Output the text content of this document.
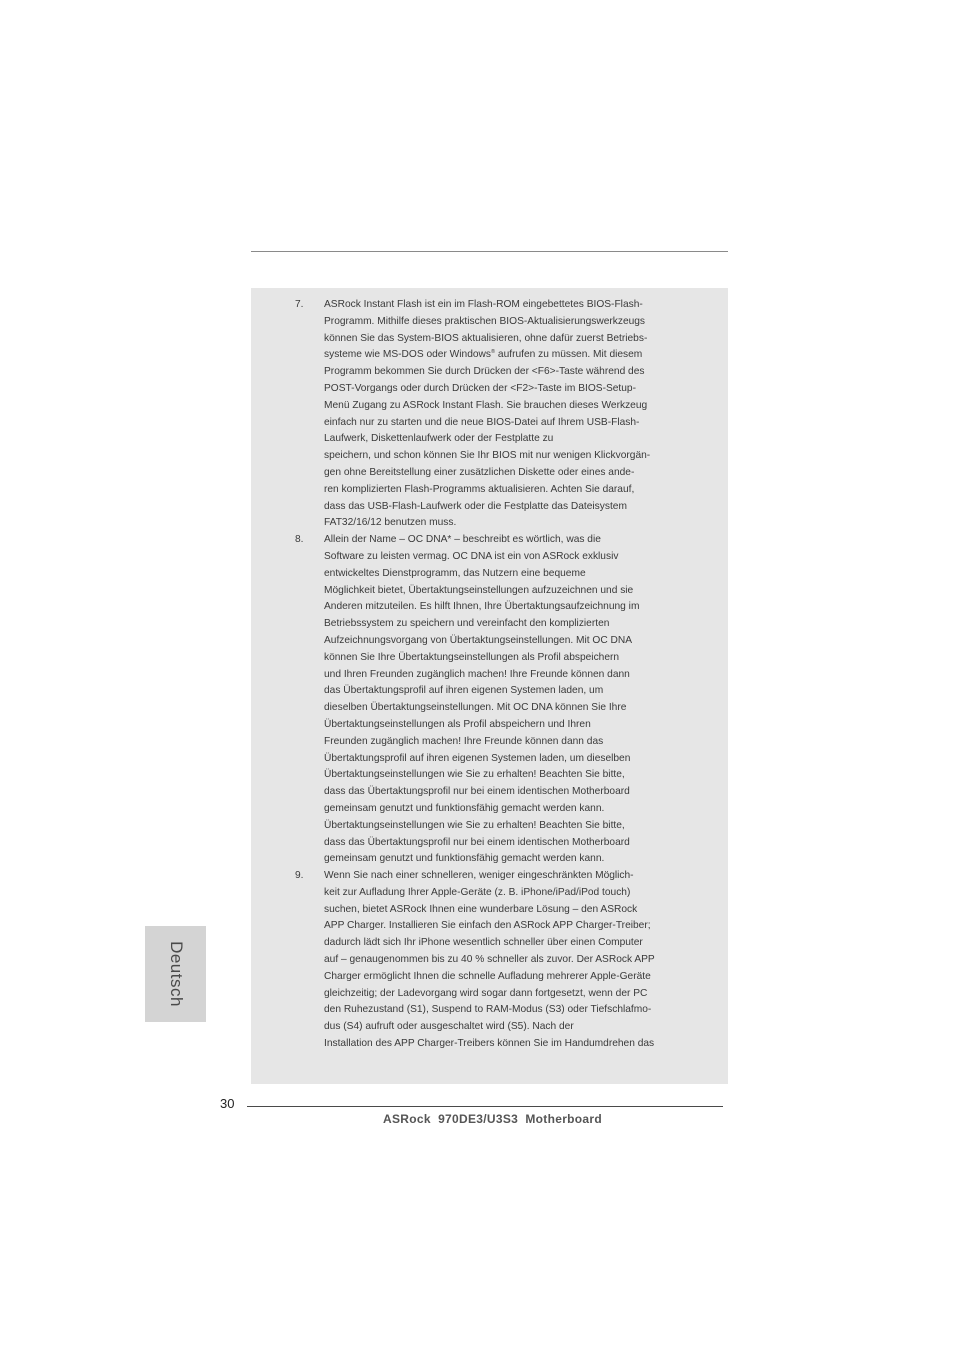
7.	ASRock Instant Flash ist ein im Flash-ROM eingebettetes BIOS-Flash-
Programm. Mithilfe dieses praktischen BIOS-Aktualisierungswerkzeugs
können Sie das System-BIOS aktualisieren, ohne dafür zuerst Betriebs-
systeme wie MS-DOS oder Windows® aufrufen zu müssen. Mit diesem
Programm bekommen Sie durch Drücken der <F6>-Taste während des
POST-Vorgangs oder durch Drücken der <F2>-Taste im BIOS-Setup-
Menü Zugang zu ASRock Instant Flash. Sie brauchen dieses Werkzeug
einfach nur zu starten und die neue BIOS-Datei auf Ihrem USB-Flash-
Laufwerk, Diskettenlaufwerk oder der Festplatte zu
speichern, und schon können Sie Ihr BIOS mit nur wenigen Klickvorgän-
gen ohne Bereitstellung einer zusätzlichen Diskette oder eines ande-
ren komplizierten Flash-Programms aktualisieren. Achten Sie darauf,
dass das USB-Flash-Laufwerk oder die Festplatte das Dateisystem
FAT32/16/12 benutzen muss.
8.	Allein der Name – OC DNA* – beschreibt es wörtlich, was die
Software zu leisten vermag. OC DNA ist ein von ASRock exklusiv
entwickeltes Dienstprogramm, das Nutzern eine bequeme
Möglichkeit bietet, Übertaktungseinstellungen aufzuzeichnen und sie
Anderen mitzuteilen. Es hilft Ihnen, Ihre Übertaktungsaufzeichnung im
Betriebssystem zu speichern und vereinfacht den komplizierten
Aufzeichnungsvorgang von Übertaktungseinstellungen. Mit OC DNA
können Sie Ihre Übertaktungseinstellungen als Profil abspeichern
und Ihren Freunden zugänglich machen! Ihre Freunde können dann
das Übertaktungsprofil auf ihren eigenen Systemen laden, um
dieselben Übertaktungseinstellungen. Mit OC DNA können Sie Ihre
Übertaktungseinstellungen als Profil abspeichern und Ihren
Freunden zugänglich machen! Ihre Freunde können dann das
Übertaktungsprofil auf ihren eigenen Systemen laden, um dieselben
Übertaktungseinstellungen wie Sie zu erhalten! Beachten Sie bitte,
dass das Übertaktungsprofil nur bei einem identischen Motherboard
gemeinsam genutzt und funktionsfähig gemacht werden kann.
Übertaktungseinstellungen wie Sie zu erhalten! Beachten Sie bitte,
dass das Übertaktungsprofil nur bei einem identischen Motherboard
gemeinsam genutzt und funktionsfähig gemacht werden kann.
9.	Wenn Sie nach einer schnelleren, weniger eingeschränkten Möglich-
keit zur Aufladung Ihrer Apple-Geräte (z. B. iPhone/iPad/iPod touch)
suchen, bietet ASRock Ihnen eine wunderbare Lösung – den ASRock
APP Charger. Installieren Sie einfach den ASRock APP Charger-Treiber;
dadurch lädt sich Ihr iPhone wesentlich schneller über einen Computer
auf – genaugenommen bis zu 40 % schneller als zuvor. Der ASRock APP
Charger ermöglicht Ihnen die schnelle Aufladung mehrerer Apple-Geräte
gleichzeitig; der Ladevorgang wird sogar dann fortgesetzt, wenn der PC
den Ruhezustand (S1), Suspend to RAM-Modus (S3) oder Tiefschlafmo-
dus (S4) aufruft oder ausgeschaltet wird (S5). Nach der
Installation des APP Charger-Treibers können Sie im Handumdrehen das
Deutsch
30
ASRock  970DE3/U3S3  Motherboard
